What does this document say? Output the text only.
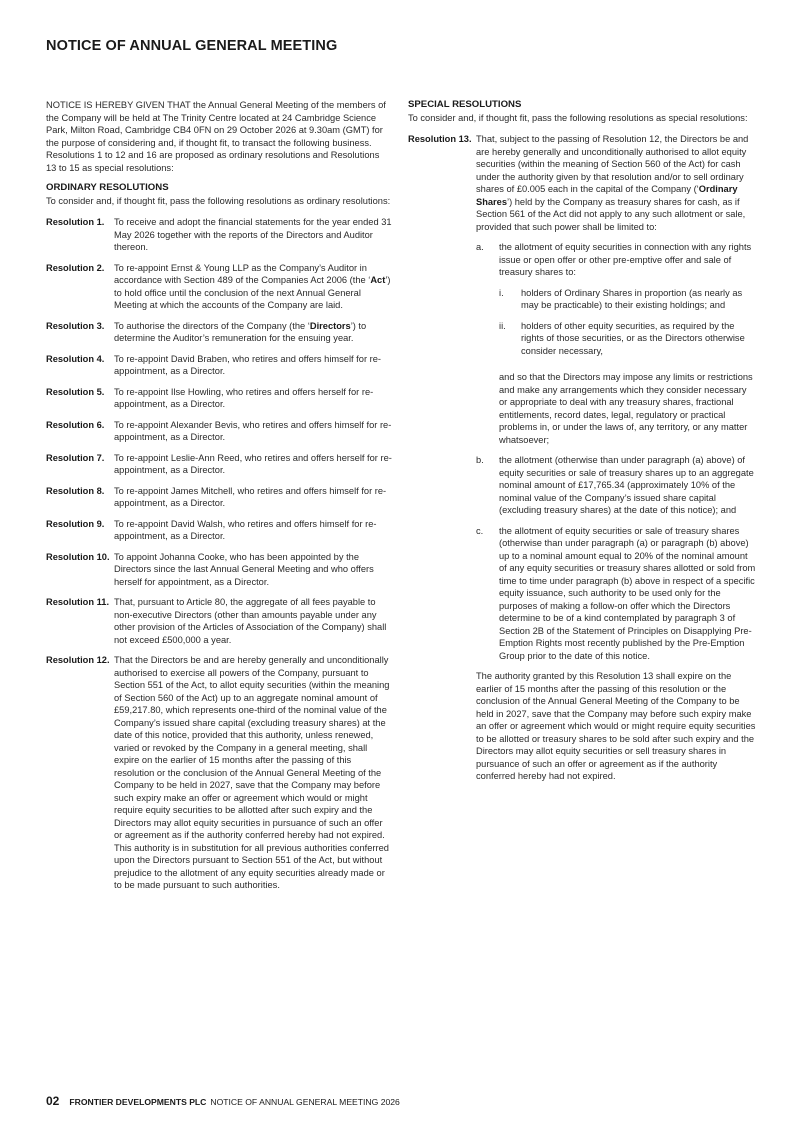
NOTICE OF ANNUAL GENERAL MEETING

NOTICE IS HEREBY GIVEN THAT the Annual General Meeting of the members of the Company will be held at The Trinity Centre located at 24 Cambridge Science Park, Milton Road, Cambridge CB4 0FN on 29 October 2026 at 9.30am (GMT) for the purpose of considering and, if thought fit, to transact the following business. Resolutions 1 to 12 and 16 are proposed as ordinary resolutions and Resolutions 13 to 15 as special resolutions:

ORDINARY RESOLUTIONS

To consider and, if thought fit, pass the following resolutions as ordinary resolutions:

Resolution 1.	To receive and adopt the financial statements for the year ended 31 May 2026 together with the reports of the Directors and Auditor thereon.
Resolution 2.	To re-appoint Ernst & Young LLP as the Company’s Auditor in accordance with Section 489 of the Companies Act 2006 (the ‘Act’) to hold office until the conclusion of the next Annual General Meeting at which the accounts of the Company are laid.
Resolution 3.	To authorise the directors of the Company (the ‘Directors’) to determine the Auditor’s remuneration for the ensuing year.
Resolution 4.	To re-appoint David Braben, who retires and offers himself for re-appointment, as a Director.
Resolution 5.	To re-appoint Ilse Howling, who retires and offers herself for re-appointment, as a Director.
Resolution 6.	To re-appoint Alexander Bevis, who retires and offers himself for re-appointment, as a Director.
Resolution 7.	To re-appoint Leslie-Ann Reed, who retires and offers herself for re-appointment, as a Director.
Resolution 8.	To re-appoint James Mitchell, who retires and offers himself for re-appointment, as a Director.
Resolution 9.	To re-appoint David Walsh, who retires and offers himself for re-appointment, as a Director.
Resolution 10. To appoint Johanna Cooke, who has been appointed by the Directors since the last Annual General Meeting and who offers herself for appointment, as a Director.
Resolution 11. That, pursuant to Article 80, the aggregate of all fees payable to non-executive Directors (other than amounts payable under any other provision of the Articles of Association of the Company) shall not exceed £500,000 a year.
Resolution 12. That the Directors be and are hereby generally and unconditionally authorised to exercise all powers of the Company, pursuant to Section 551 of the Act, to allot equity securities (within the meaning of Section 560 of the Act) up to an aggregate nominal amount of £59,217.80, which represents one-third of the nominal value of the Company’s issued share capital (excluding treasury shares) at the date of this notice, provided that this authority, unless renewed, varied or revoked by the Company in a general meeting, shall expire on the earlier of 15 months after the passing of this resolution or the conclusion of the Annual General Meeting of the Company to be held in 2027, save that the Company may before such expiry make an offer or agreement which would or might require equity securities to be allotted after such expiry and the Directors may allot equity securities in pursuance of such an offer or agreement as if the authority conferred hereby had not expired. This authority is in substitution for all previous authorities conferred upon the Directors pursuant to Section 551 of the Act, but without prejudice to the allotment of any equity securities already made or to be made pursuant to such authorities.

SPECIAL RESOLUTIONS

To consider and, if thought fit, pass the following resolutions as special resolutions:

Resolution 13. That, subject to the passing of Resolution 12, the Directors be and are hereby generally and unconditionally authorised to allot equity securities (within the meaning of Section 560 of the Act) for cash under the authority given by that resolution and/or to sell ordinary shares of £0.005 each in the capital of the Company (‘Ordinary Shares’) held by the Company as treasury shares for cash, as if Section 561 of the Act did not apply to any such allotment or sale, provided that such power shall be limited to:
a.	the allotment of equity securities in connection with any rights issue or open offer or other pre-emptive offer and sale of treasury shares to:

i.	holders of Ordinary Shares in proportion (as nearly as may be practicable) to their existing holdings; and
ii.	holders of other equity securities, as required by the rights of those securities, or as the Directors otherwise consider necessary,

and so that the Directors may impose any limits or restrictions and make any arrangements which they consider necessary or appropriate to deal with any treasury shares, fractional entitlements, record dates, legal, regulatory or practical problems in, or under the laws of, any territory, or any matter whatsoever;

b.	the allotment (otherwise than under paragraph (a) above) of equity securities or sale of treasury shares up to an aggregate nominal amount of £17,765.34 (approximately 10% of the nominal value of the Company’s issued share capital (excluding treasury shares) at the date of this notice); and
c.	the allotment of equity securities or sale of treasury shares (otherwise than under paragraph (a) or paragraph (b) above) up to a nominal amount equal to 20% of the nominal amount of any equity securities or treasury shares allotted or sold from time to time under paragraph (b) above in respect of a specific equity issuance, such authority to be used only for the purposes of making a follow-on offer which the Directors determine to be of a kind contemplated by paragraph 3 of Section 2B of the Statement of Principles on Disapplying Pre-Emption Rights most recently published by the Pre-Emption Group prior to the date of this notice.

The authority granted by this Resolution 13 shall expire on the earlier of 15 months after the passing of this resolution or the conclusion of the Annual General Meeting of the Company to be held in 2027, save that the Company may before such expiry make an offer or agreement which would or might require equity securities to be allotted or treasury shares to be sold after such expiry and the Directors may allot equity securities or sell treasury shares in pursuance of such an offer or agreement as if the authority conferred hereby had not expired.

02 FRONTIER DEVELOPMENTS PLC NOTICE OF ANNUAL GENERAL MEETING 2026
